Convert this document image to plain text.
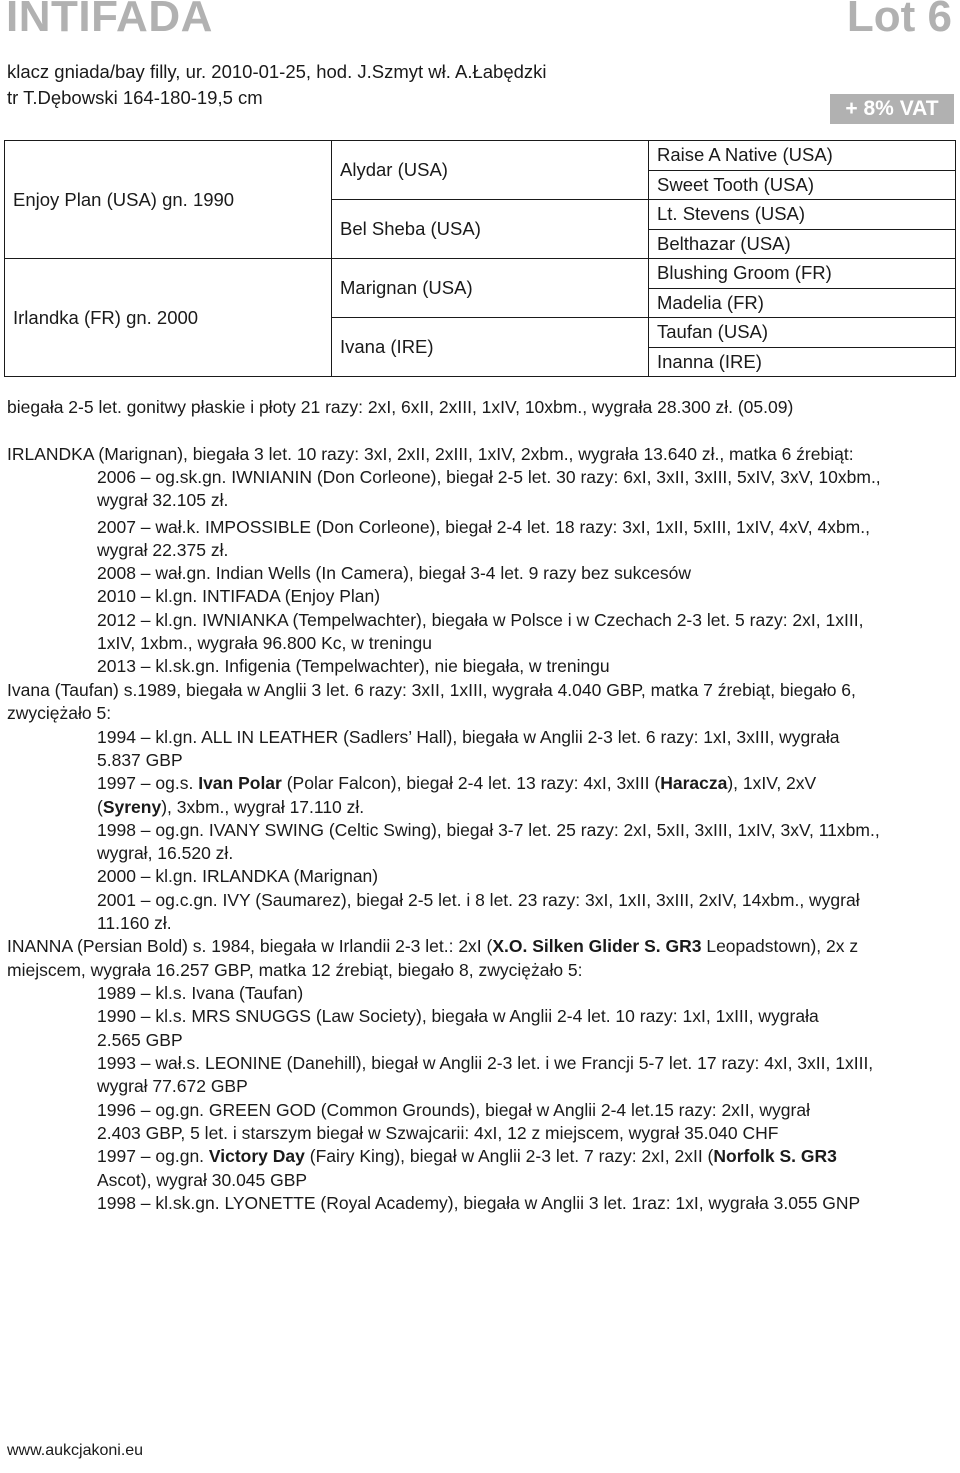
INTIFADA	Lot 6
klacz gniada/bay filly, ur. 2010-01-25, hod. J.Szmyt wł. A.Łabędzki
tr T.Dębowski 164-180-19,5 cm	+ 8% VAT
Enjoy Plan (USA) gn. 1990	Alydar (USA)	Raise A Native (USA)
		Sweet Tooth (USA)
	Bel Sheba (USA)	Lt. Stevens (USA)
		Belthazar (USA)
Irlandka (FR) gn. 2000	Marignan (USA)	Blushing Groom (FR)
		Madelia (FR)
	Ivana (IRE)	Taufan (USA)
		Inanna (IRE)
biegała 2-5 let. gonitwy płaskie i płoty 21 razy: 2xI, 6xII, 2xIII, 1xIV, 10xbm., wygrała 28.300 zł. (05.09)
IRLANDKA (Marignan), biegała 3 let. 10 razy: 3xI, 2xII, 2xIII, 1xIV, 2xbm., wygrała 13.640 zł., matka 6 źrebiąt:
2006 – og.sk.gn. IWNIANIN (Don Corleone), biegał 2-5 let. 30 razy: 6xI, 3xII, 3xIII, 5xIV, 3xV, 10xbm.,
wygrał 32.105 zł.
2007 – wał.k. IMPOSSIBLE (Don Corleone), biegał 2-4 let. 18 razy: 3xI, 1xII, 5xIII, 1xIV, 4xV, 4xbm.,
wygrał 22.375 zł.
2008 – wał.gn. Indian Wells (In Camera), biegał 3-4 let. 9 razy bez sukcesów
2010 – kl.gn. INTIFADA (Enjoy Plan)
2012 – kl.gn. IWNIANKA (Tempelwachter), biegała w Polsce i w Czechach 2-3 let. 5 razy: 2xI, 1xIII,
1xIV, 1xbm., wygrała 96.800 Kc, w treningu
2013 – kl.sk.gn. Infigenia (Tempelwachter), nie biegała, w treningu
Ivana (Taufan) s.1989, biegała w Anglii 3 let. 6 razy: 3xII, 1xIII, wygrała 4.040 GBP, matka 7 źrebiąt, biegało 6,
zwyciężało 5:
1994 – kl.gn. ALL IN LEATHER (Sadlers’ Hall), biegała w Anglii 2-3 let. 6 razy: 1xI, 3xIII, wygrała
5.837 GBP
1997 – og.s. Ivan Polar (Polar Falcon), biegał 2-4 let. 13 razy: 4xI, 3xIII (Haracza), 1xIV, 2xV
(Syreny), 3xbm., wygrał 17.110 zł.
1998 – og.gn. IVANY SWING (Celtic Swing), biegał 3-7 let. 25 razy: 2xI, 5xII, 3xIII, 1xIV, 3xV, 11xbm.,
wygrał, 16.520 zł.
2000 – kl.gn. IRLANDKA (Marignan)
2001 – og.c.gn. IVY (Saumarez), biegał 2-5 let. i 8 let. 23 razy: 3xI, 1xII, 3xIII, 2xIV, 14xbm., wygrał
11.160 zł.
INANNA (Persian Bold) s. 1984, biegała w Irlandii 2-3 let.: 2xI (X.O. Silken Glider S. GR3 Leopadstown), 2x z
miejscem, wygrała 16.257 GBP, matka 12 źrebiąt, biegało 8, zwyciężało 5:
1989 – kl.s. Ivana (Taufan)
1990 – kl.s. MRS SNUGGS (Law Society), biegała w Anglii 2-4 let. 10 razy: 1xI, 1xIII, wygrała
2.565 GBP
1993 – wał.s. LEONINE (Danehill), biegał w Anglii 2-3 let. i we Francji 5-7 let. 17 razy: 4xI, 3xII, 1xIII,
wygrał 77.672 GBP
1996 – og.gn. GREEN GOD (Common Grounds), biegał w Anglii 2-4 let.15 razy: 2xII, wygrał
2.403 GBP, 5 let. i starszym biegał w Szwajcarii: 4xI, 12 z miejscem, wygrał 35.040 CHF
1997 – og.gn. Victory Day (Fairy King), biegał w Anglii 2-3 let. 7 razy: 2xI, 2xII (Norfolk S. GR3
Ascot), wygrał 30.045 GBP
1998 – kl.sk.gn. LYONETTE (Royal Academy), biegała w Anglii 3 let. 1raz: 1xI, wygrała 3.055 GNP
www.aukcjakoni.eu
